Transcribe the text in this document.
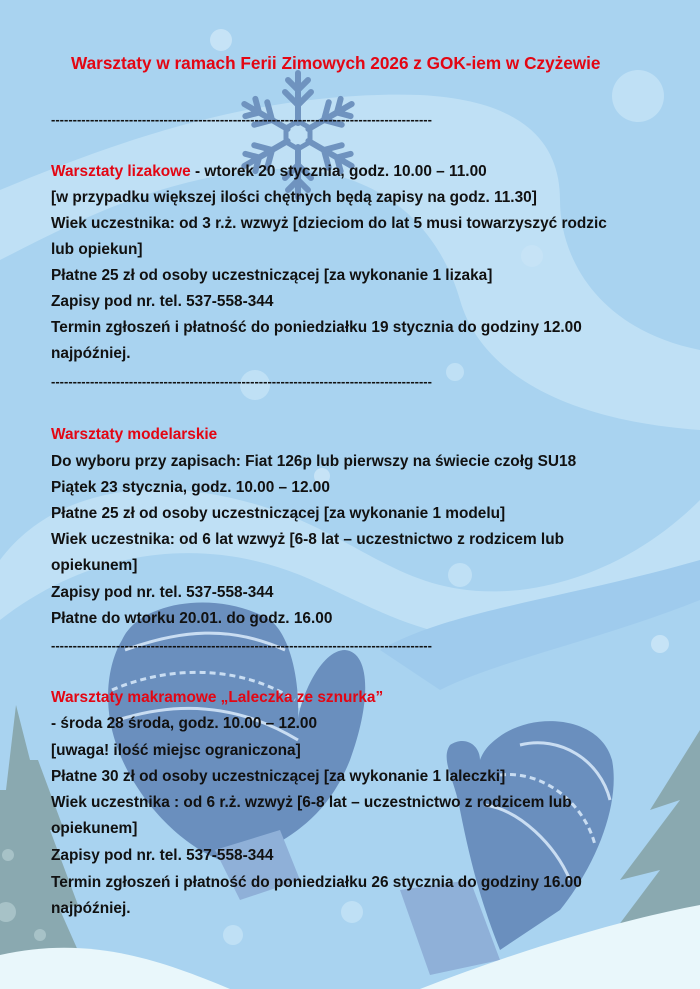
Warsztaty w ramach Ferii Zimowych 2026 z GOK-iem w Czyżewie
----------------------------------------------------------------------------------------
Warsztaty lizakowe - wtorek 20 stycznia, godz. 10.00 – 11.00
[w przypadku większej ilości chętnych będą zapisy na godz. 11.30]
Wiek uczestnika: od 3 r.ż. wzwyż [dzieciom do lat 5 musi towarzyszyć rodzic
lub opiekun]
Płatne 25 zł od osoby uczestniczącej [za wykonanie 1 lizaka]
Zapisy pod nr. tel. 537-558-344
Termin zgłoszeń i płatność do poniedziałku 19 stycznia do godziny 12.00
najpóźniej.
----------------------------------------------------------------------------------------
Warsztaty modelarskie
Do wyboru przy zapisach: Fiat 126p lub pierwszy na świecie czołg SU18
Piątek 23 stycznia, godz. 10.00 – 12.00
Płatne 25 zł od osoby uczestniczącej [za wykonanie 1 modelu]
Wiek uczestnika: od 6 lat wzwyż [6-8 lat – uczestnictwo z rodzicem lub
opiekunem]
Zapisy pod nr. tel. 537-558-344
Płatne do wtorku 20.01. do godz. 16.00
----------------------------------------------------------------------------------------
Warsztaty makramowe „Laleczka ze sznurka”
- środa 28 środa, godz. 10.00 – 12.00
[uwaga! ilość miejsc ograniczona]
Płatne 30 zł od osoby uczestniczącej [za wykonanie 1 laleczki]
Wiek uczestnika : od 6 r.ż. wzwyż [6-8 lat – uczestnictwo z rodzicem lub
opiekunem]
Zapisy pod nr. tel. 537-558-344
Termin zgłoszeń i płatność do poniedziałku 26 stycznia do godziny 16.00
najpóźniej.
